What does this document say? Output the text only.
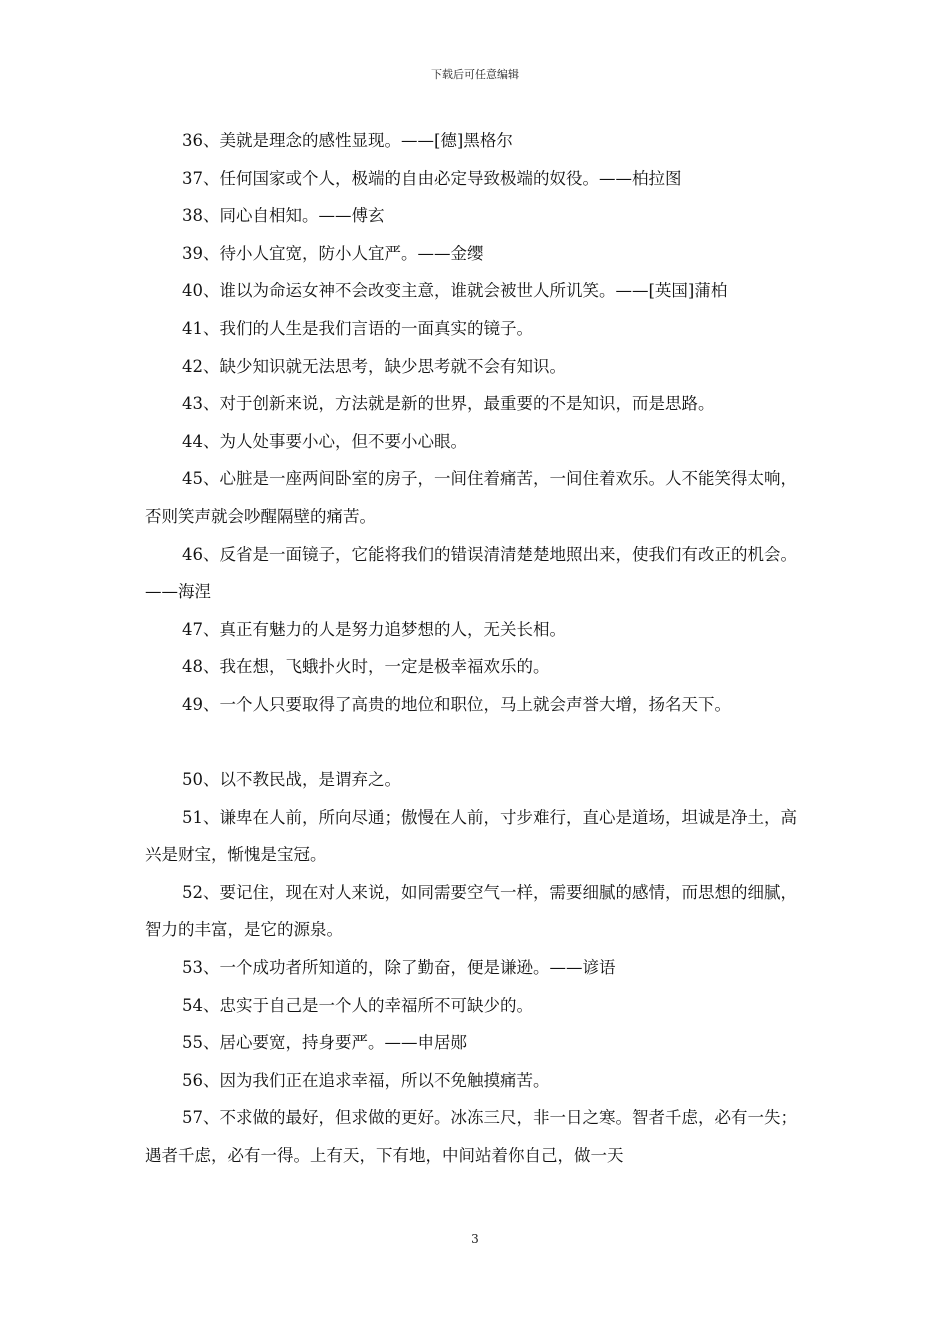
下载后可任意编辑

36、美就是理念的感性显现。——[德]黑格尔

37、任何国家或个人，极端的自由必定导致极端的奴役。——柏拉图

38、同心自相知。——傅玄

39、待小人宜宽，防小人宜严。——金缨

40、谁以为命运女神不会改变主意，谁就会被世人所讥笑。——[英国]蒲柏

41、我们的人生是我们言语的一面真实的镜子。

42、缺少知识就无法思考，缺少思考就不会有知识。

43、对于创新来说，方法就是新的世界，最重要的不是知识，而是思路。

44、为人处事要小心，但不要小心眼。

45、心脏是一座两间卧室的房子，一间住着痛苦，一间住着欢乐。人不能笑得太响，否则笑声就会吵醒隔壁的痛苦。

46、反省是一面镜子，它能将我们的错误清清楚楚地照出来，使我们有改正的机会。——海涅

47、真正有魅力的人是努力追梦想的人，无关长相。

48、我在想，飞蛾扑火时，一定是极幸福欢乐的。

49、一个人只要取得了高贵的地位和职位，马上就会声誉大增，扬名天下。

50、以不教民战，是谓弃之。

51、谦卑在人前，所向尽通；傲慢在人前，寸步难行，直心是道场，坦诚是净土，高兴是财宝，惭愧是宝冠。

52、要记住，现在对人来说，如同需要空气一样，需要细腻的感情，而思想的细腻，智力的丰富，是它的源泉。

53、一个成功者所知道的，除了勤奋，便是谦逊。——谚语

54、忠实于自己是一个人的幸福所不可缺少的。

55、居心要宽，持身要严。——申居郧

56、因为我们正在追求幸福，所以不免触摸痛苦。

57、不求做的最好，但求做的更好。冰冻三尺，非一日之寒。智者千虑，必有一失；遇者千虑，必有一得。上有天，下有地，中间站着你自己，做一天

3
